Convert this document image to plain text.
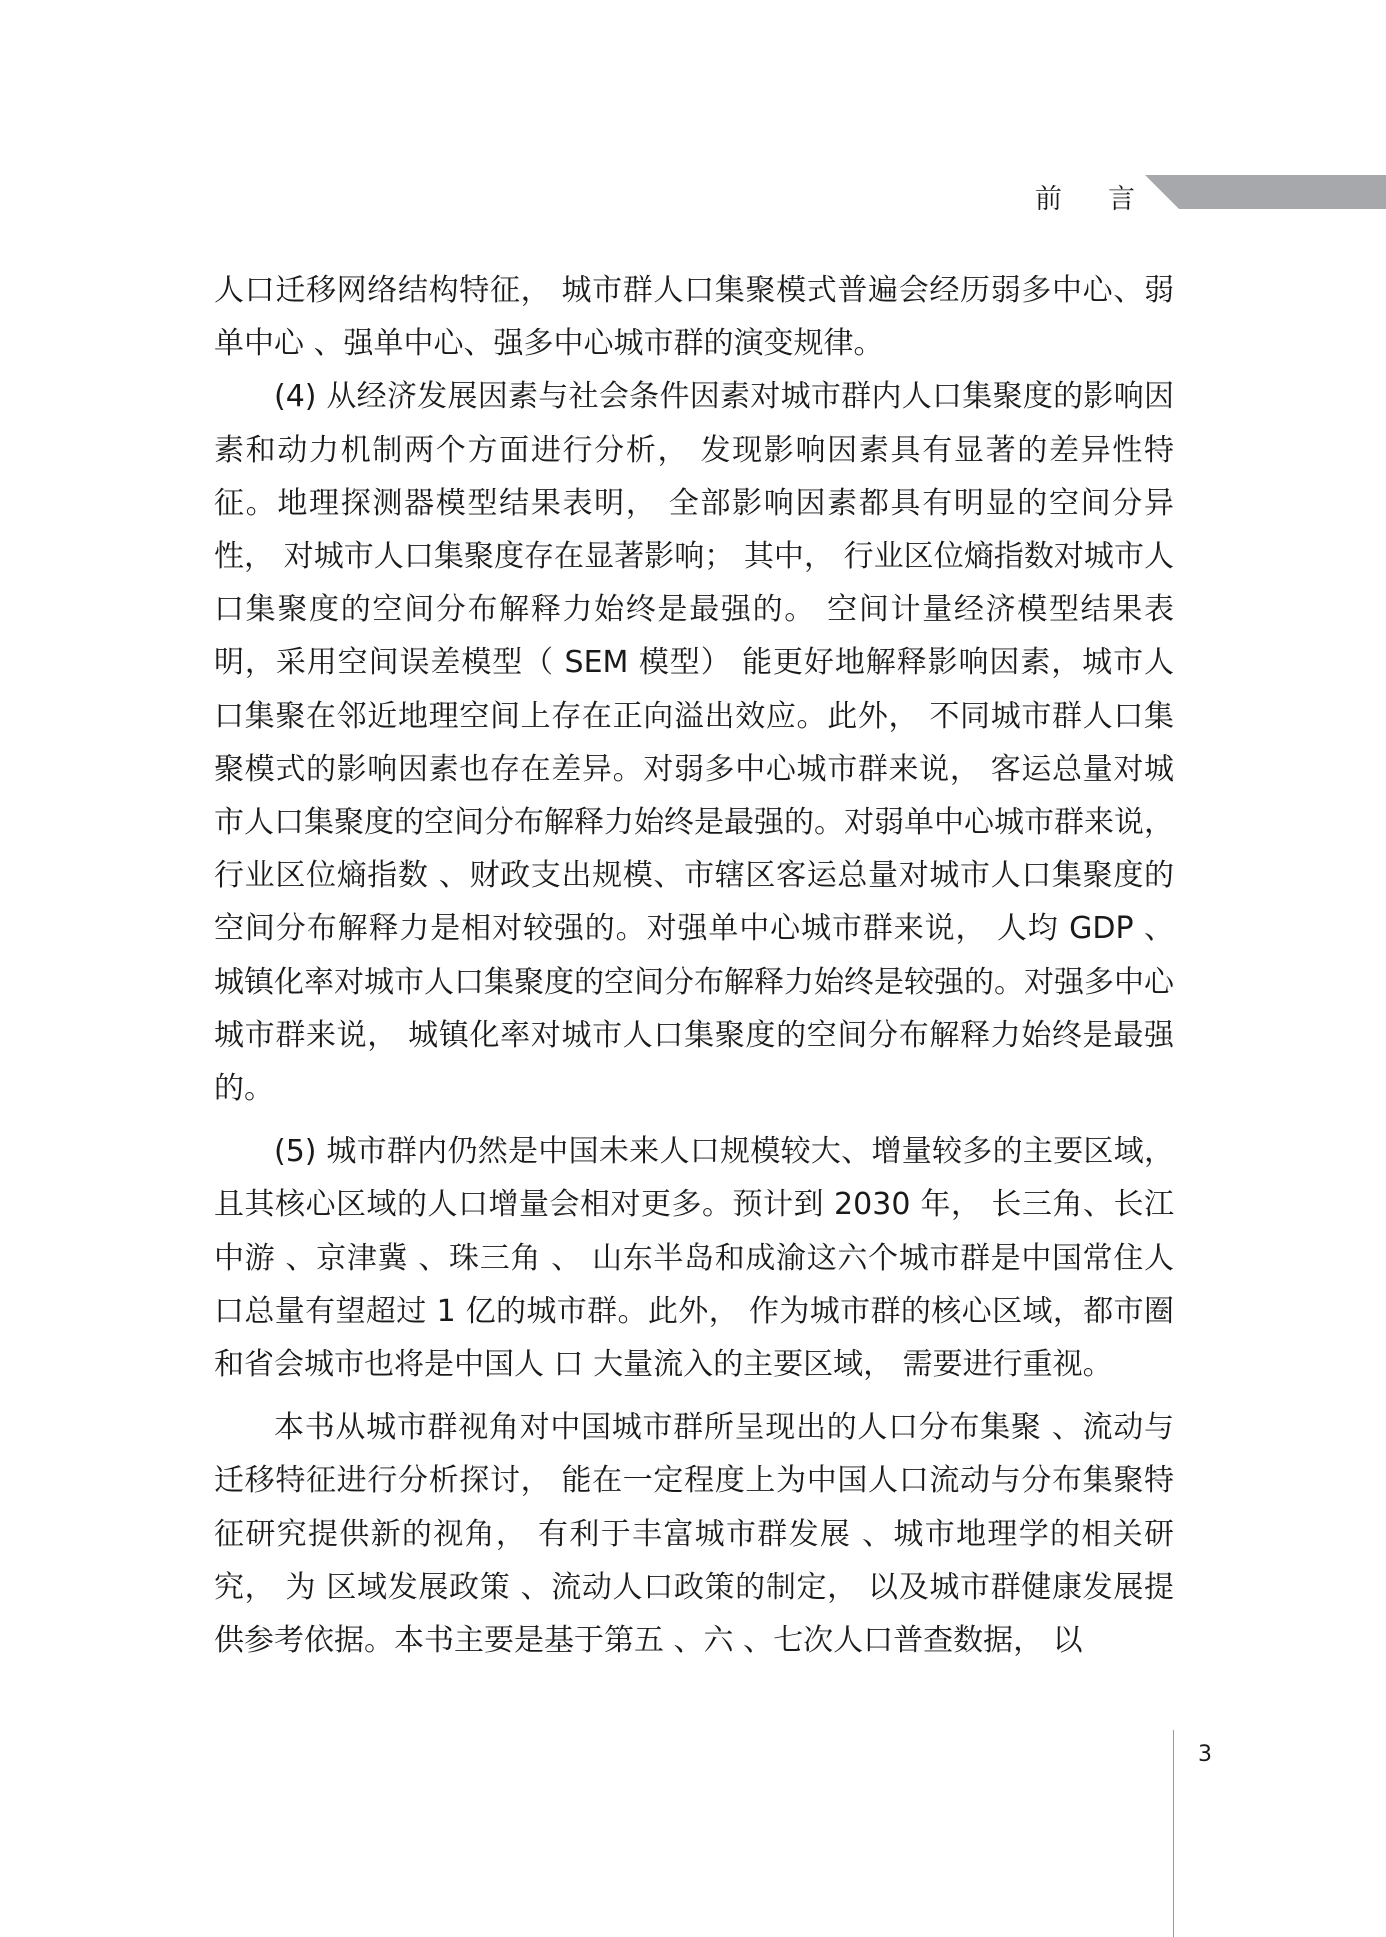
前 言

人口迁移网络结构特征， 城市群人口集聚模式普遍会经历弱多中心、弱单中心 、强单中心、强多中心城市群的演变规律。

(4) 从经济发展因素与社会条件因素对城市群内人口集聚度的影响因素和动力机制两个方面进行分析， 发现影响因素具有显著的差异性特征。地理探测器模型结果表明， 全部影响因素都具有明显的空间分异性， 对城市人口集聚度存在显著影响； 其中， 行业区位熵指数对城市人口集聚度的空间分布解释力始终是最强的。 空间计量经济模型结果表明，采用空间误差模型（ SEM 模型） 能更好地解释影响因素，城市人口集聚在邻近地理空间上存在正向溢出效应。此外， 不同城市群人口集聚模式的影响因素也存在差异。对弱多中心城市群来说， 客运总量对城市人口集聚度的空间分布解释力始终是最强的。对弱单中心城市群来说， 行业区位熵指数 、财政支出规模、市辖区客运总量对城市人口集聚度的空间分布解释力是相对较强的。对强单中心城市群来说， 人均 GDP 、城镇化率对城市人口集聚度的空间分布解释力始终是较强的。对强多中心城市群来说， 城镇化率对城市人口集聚度的空间分布解释力始终是最强的。

(5) 城市群内仍然是中国未来人口规模较大、增量较多的主要区域， 且其核心区域的人口增量会相对更多。预计到 2030 年， 长三角、长江中游 、京津冀 、珠三角 、 山东半岛和成渝这六个城市群是中国常住人 口总量有望超过 1 亿的城市群。此外， 作为城市群的核心区域，都市圈和省会城市也将是中国人 口 大量流入的主要区域， 需要进行重视。

本书从城市群视角对中国城市群所呈现出的人口分布集聚 、流动与迁移特征进行分析探讨， 能在一定程度上为中国人口流动与分布集聚特征研究提供新的视角， 有利于丰富城市群发展 、城市地理学的相关研究， 为 区域发展政策 、流动人口政策的制定， 以及城市群健康发展提供参考依据。本书主要是基于第五 、六 、七次人口普查数据， 以

3
